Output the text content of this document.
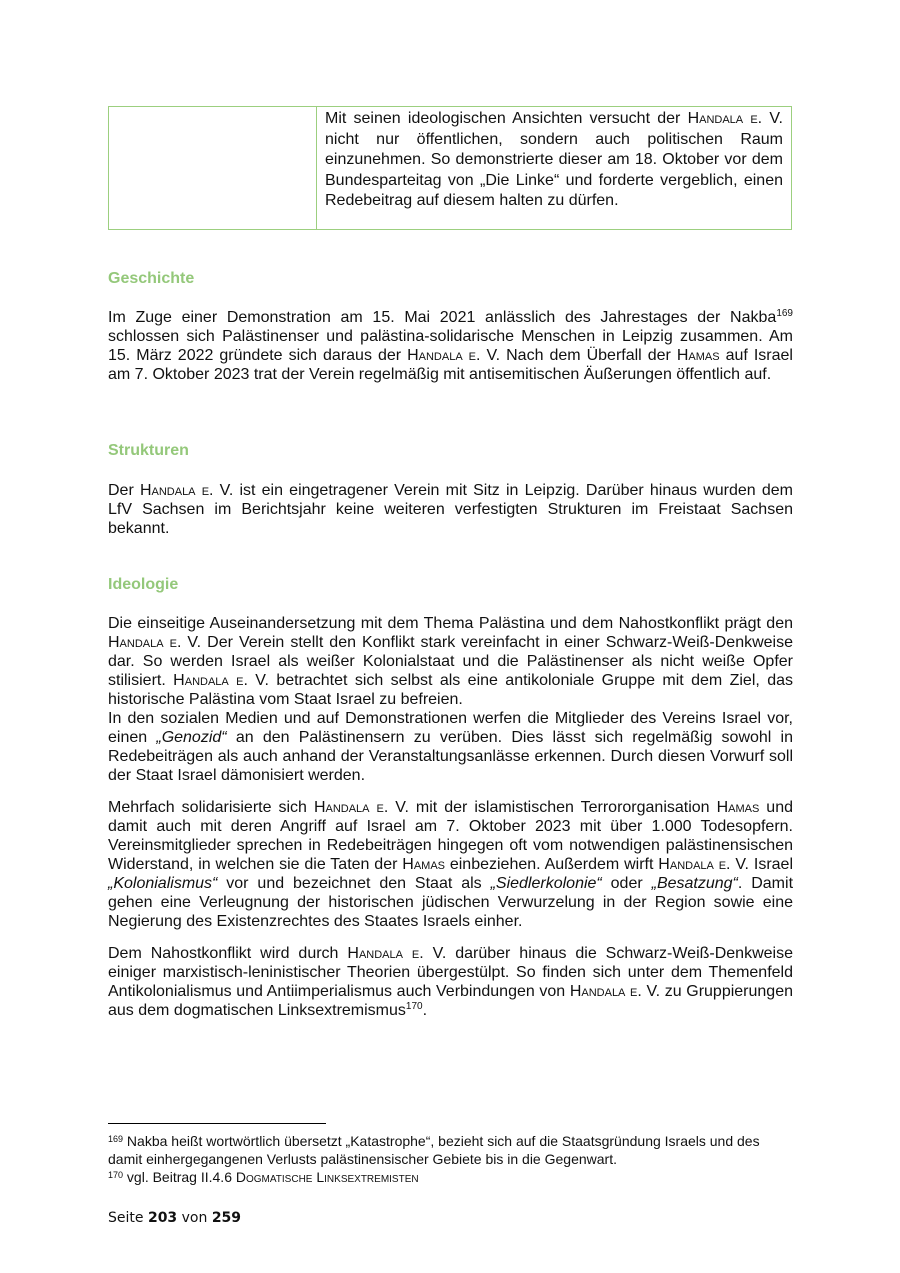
Mit seinen ideologischen Ansichten versucht der Handala e. V. nicht nur öffentlichen, sondern auch politischen Raum einzunehmen. So demonstrierte dieser am 18. Oktober vor dem Bundesparteitag von „Die Linke“ und forderte vergeblich, einen Redebeitrag auf diesem halten zu dürfen.
Geschichte
Im Zuge einer Demonstration am 15. Mai 2021 anlässlich des Jahrestages der Nakba$^{169}$ schlossen sich Palästinenser und palästina-solidarische Menschen in Leipzig zusammen. Am 15. März 2022 gründete sich daraus der Handala e. V. Nach dem Überfall der Hamas auf Israel am 7. Oktober 2023 trat der Verein regelmäßig mit antisemitischen Äußerungen öffentlich auf.
Strukturen
Der Handala e. V. ist ein eingetragener Verein mit Sitz in Leipzig. Darüber hinaus wurden dem LfV Sachsen im Berichtsjahr keine weiteren verfestigten Strukturen im Freistaat Sachsen bekannt.
Ideologie
Die einseitige Auseinandersetzung mit dem Thema Palästina und dem Nahostkonflikt prägt den Handala e. V. Der Verein stellt den Konflikt stark vereinfacht in einer Schwarz-Weiß-Denkweise dar. So werden Israel als weißer Kolonialstaat und die Palästinenser als nicht weiße Opfer stilisiert. Handala e. V. betrachtet sich selbst als eine antikoloniale Gruppe mit dem Ziel, das historische Palästina vom Staat Israel zu befreien.
In den sozialen Medien und auf Demonstrationen werfen die Mitglieder des Vereins Israel vor, einen „Genozid“ an den Palästinensern zu verüben. Dies lässt sich regelmäßig sowohl in Redebeiträgen als auch anhand der Veranstaltungsanlässe erkennen. Durch diesen Vorwurf soll der Staat Israel dämonisiert werden.
Mehrfach solidarisierte sich Handala e. V. mit der islamistischen Terrororganisation Hamas und damit auch mit deren Angriff auf Israel am 7. Oktober 2023 mit über 1.000 Todesopfern. Vereinsmitglieder sprechen in Redebeiträgen hingegen oft vom notwendigen palästinensischen Widerstand, in welchen sie die Taten der Hamas einbeziehen. Außerdem wirft Handala e. V. Israel „Kolonialismus“ vor und bezeichnet den Staat als „Siedlerkolonie“ oder „Besatzung“. Damit gehen eine Verleugnung der historischen jüdischen Verwurzelung in der Region sowie eine Negierung des Existenzrechtes des Staates Israels einher.
Dem Nahostkonflikt wird durch Handala e. V. darüber hinaus die Schwarz-Weiß-Denkweise einiger marxistisch-leninistischer Theorien übergestülpt. So finden sich unter dem Themenfeld Antikolonialismus und Antiimperialismus auch Verbindungen von Handala e. V. zu Gruppierungen aus dem dogmatischen Linksextremismus$^{170}$.
$^{169}$ Nakba heißt wortwörtlich übersetzt „Katastrophe“, bezieht sich auf die Staatsgründung Israels und des damit einhergegangenen Verlusts palästinensischer Gebiete bis in die Gegenwart.
$^{170}$ vgl. Beitrag II.4.6 Dogmatische Linksextremisten
Seite 203 von 259
